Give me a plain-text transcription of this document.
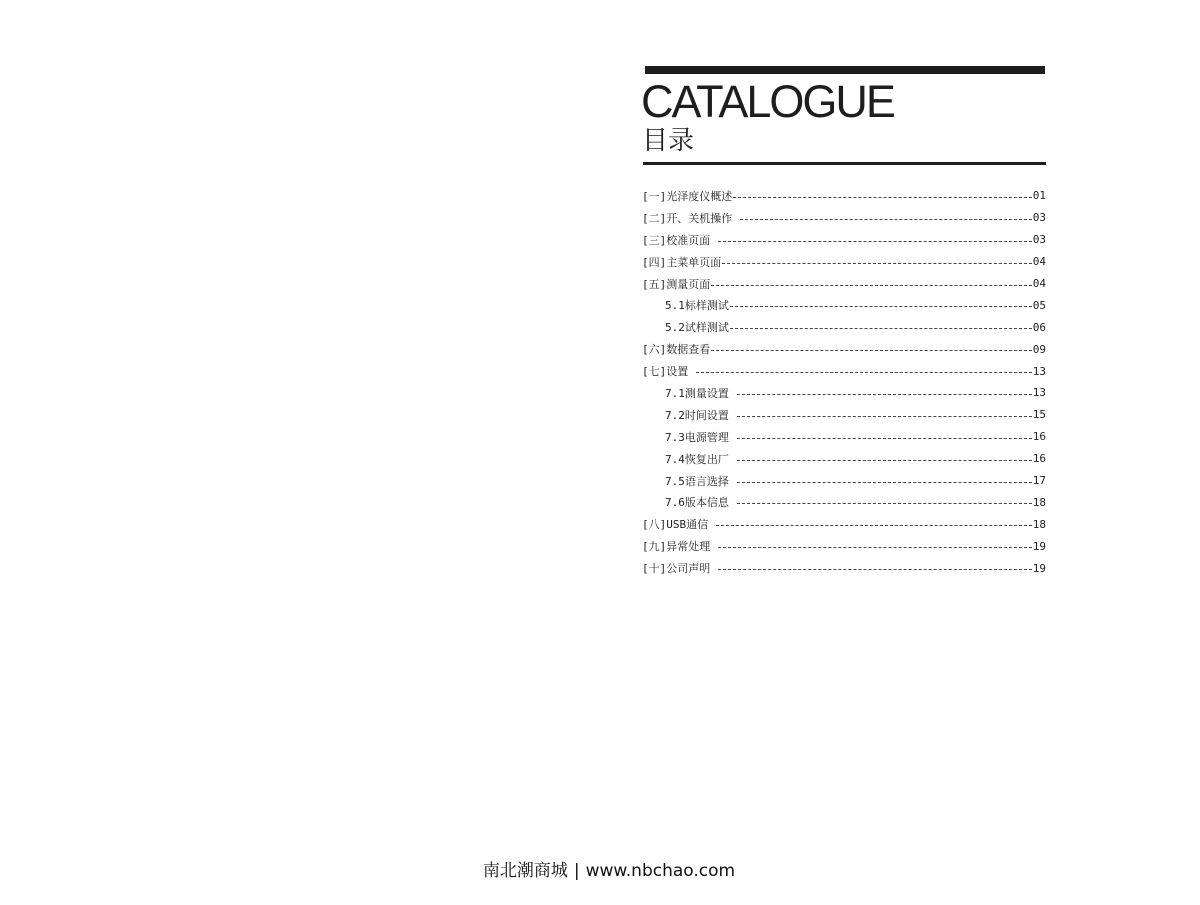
CATALOGUE
目录
[一]光泽度仪概述	01
[二]开、关机操作	03
[三]校准页面	03
[四]主菜单页面	04
[五]测量页面	04
5.1标样测试	05
5.2试样测试	06
[六]数据查看	09
[七]设置	13
7.1测量设置	13
7.2时间设置	15
7.3电源管理	16
7.4恢复出厂	16
7.5语言选择	17
7.6版本信息	18
[八]USB通信	18
[九]异常处理	19
[十]公司声明	19
南北潮商城 | www.nbchao.com
